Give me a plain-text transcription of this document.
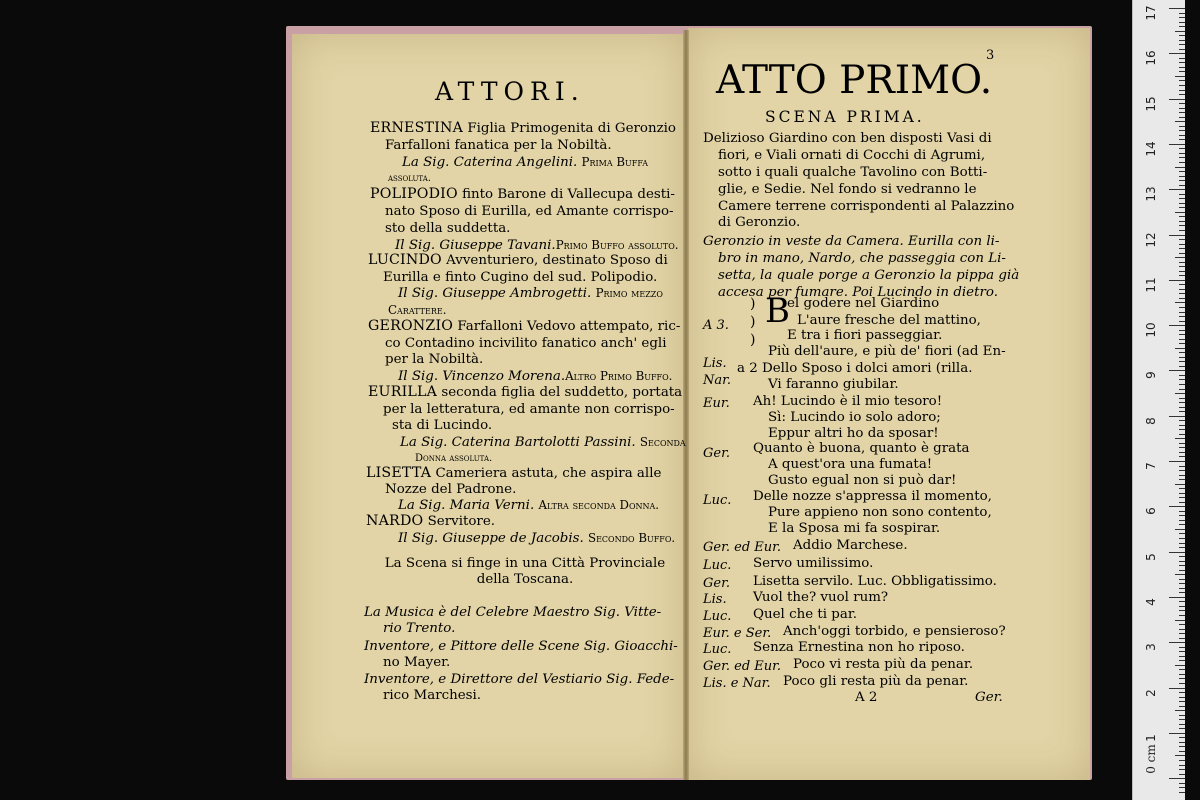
ATTORI.
ERNESTINA Figlia Primogenita di Geronzio
Farfalloni fanatica per la Nobiltà.
La Sig. Caterina Angelini. Prima Buffa
assoluta.
POLIPODIO finto Barone di Vallecupa desti-
nato Sposo di Eurilla, ed Amante corrispo-
sto della suddetta.
Il Sig. Giuseppe Tavani.Primo Buffo assoluto.
LUCINDO Avventuriero, destinato Sposo di
Eurilla e finto Cugino del sud. Polipodio.
Il Sig. Giuseppe Ambrogetti. Primo mezzo
Carattere.
GERONZIO Farfalloni Vedovo attempato, ric-
co Contadino incivilito fanatico anch' egli
per la Nobiltà.
Il Sig. Vincenzo Morena.Altro Primo Buffo.
EURILLA seconda figlia del suddetto, portata
per la letteratura, ed amante non corrispo-
sta di Lucindo.
La Sig. Caterina Bartolotti Passini. Seconda
Donna assoluta.
LISETTA Cameriera astuta, che aspira alle
Nozze del Padrone.
La Sig. Maria Verni. Altra seconda Donna.
NARDO Servitore.
Il Sig. Giuseppe de Jacobis. Secondo Buffo.
La Scena si finge in una Città Provinciale
della Toscana.
La Musica è del Celebre Maestro Sig. Vitte-
rio Trento.
Inventore, e Pittore delle Scene Sig. Gioacchi-
no Mayer.
Inventore, e Direttore del Vestiario Sig. Fede-
rico Marchesi.
3
ATTO PRIMO.
SCENA PRIMA.
Delizioso Giardino con ben disposti Vasi di
fiori, e Viali ornati di Cocchi di Agrumi,
sotto i quali qualche Tavolino con Botti-
glie, e Sedie. Nel fondo si vedranno le
Camere terrene corrispondenti al Palazzino
di Geronzio.
Geronzio in veste da Camera. Eurilla con li-
bro in mano, Nardo, che passeggia con Li-
setta, la quale porge a Geronzio la pippa già
accesa per fumare. Poi Lucindo in dietro.
)
)
)
B
el godere nel Giardino
A 3.	L'aure fresche del mattino,
E tra i fiori passeggiar.
Più dell'aure, e più de' fiori (ad En-
Lis. a 2 Dello Sposo i dolci amori (rilla.
Nar.	Vi faranno giubilar.
Eur. Ah! Lucindo è il mio tesoro!
Sì: Lucindo io solo adoro;
Eppur altri ho da sposar!
Ger. Quanto è buona, quanto è grata
A quest'ora una fumata!
Gusto egual non si può dar!
Luc. Delle nozze s'appressa il momento,
Pure appieno non sono contento,
E la Sposa mi fa sospirar.
Ger. ed Eur. Addio Marchese.
Luc. Servo umilissimo.
Ger. Lisetta servilo. Luc. Obbligatissimo.
Lis. Vuol the? vuol rum?
Luc. Quel che ti par.
Eur. e Ser. Anch'oggi torbido, e pensieroso?
Luc. Senza Ernestina non ho riposo.
Ger. ed Eur. Poco vi resta più da penar.
Lis. e Nar. Poco gli resta più da penar.
A 2	Ger.
17
16
15
14
13
12
11
10
9
8
7
6
5
4
3
2
1
0 cm
